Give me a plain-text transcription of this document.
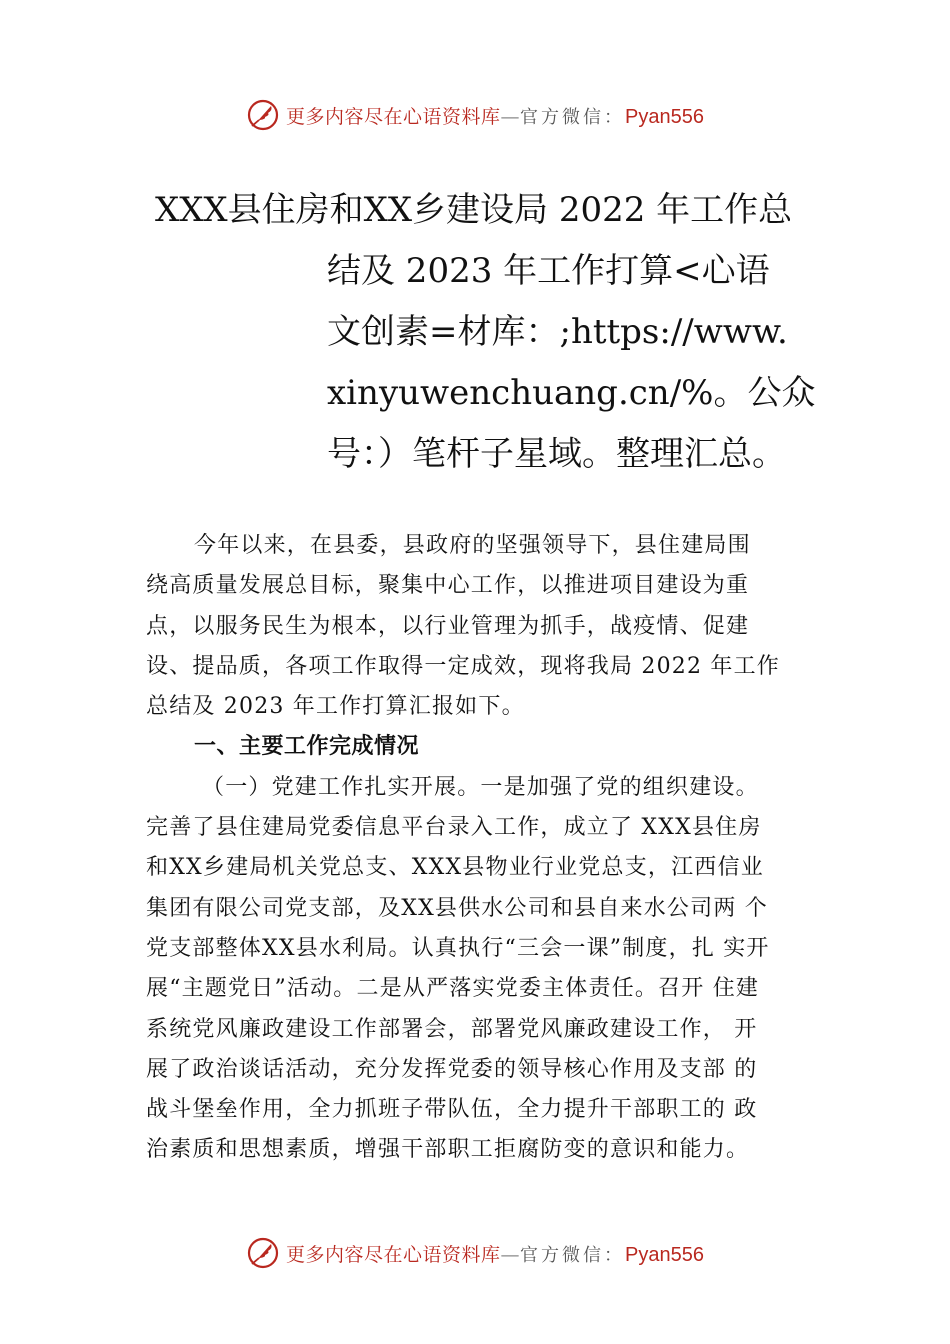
更多内容尽在心语资料库—官方微信：Pyan556
XXX县住房和XX乡建设局 2022 年工作总
结及 2023 年工作打算<心语
文创素=材库：;https://www.
xinyuwenchuang.cn/%。公众
号：）笔杆子星域。整理汇总。
今年以来，在县委，县政府的坚强领导下，县住建局围
绕高质量发展总目标，聚集中心工作，以推进项目建设为重
点，以服务民生为根本，以行业管理为抓手，战疫情、促建
设、提品质，各项工作取得一定成效，现将我局 2022 年工作
总结及 2023 年工作打算汇报如下。
一、主要工作完成情况
（一）党建工作扎实开展。一是加强了党的组织建设。
完善了县住建局党委信息平台录入工作，成立了 XXX县住房
和XX乡建局机关党总支、XXX县物业行业党总支，江西信业
集团有限公司党支部，及XX县供水公司和县自来水公司两 个
党支部整体XX县水利局。认真执行“三会一课”制度，扎 实开
展“主题党日”活动。二是从严落实党委主体责任。召开 住建
系统党风廉政建设工作部署会，部署党风廉政建设工作， 开
展了政治谈话活动，充分发挥党委的领导核心作用及支部 的
战斗堡垒作用，全力抓班子带队伍，全力提升干部职工的 政
治素质和思想素质，增强干部职工拒腐防变的意识和能力。
更多内容尽在心语资料库—官方微信：Pyan556
